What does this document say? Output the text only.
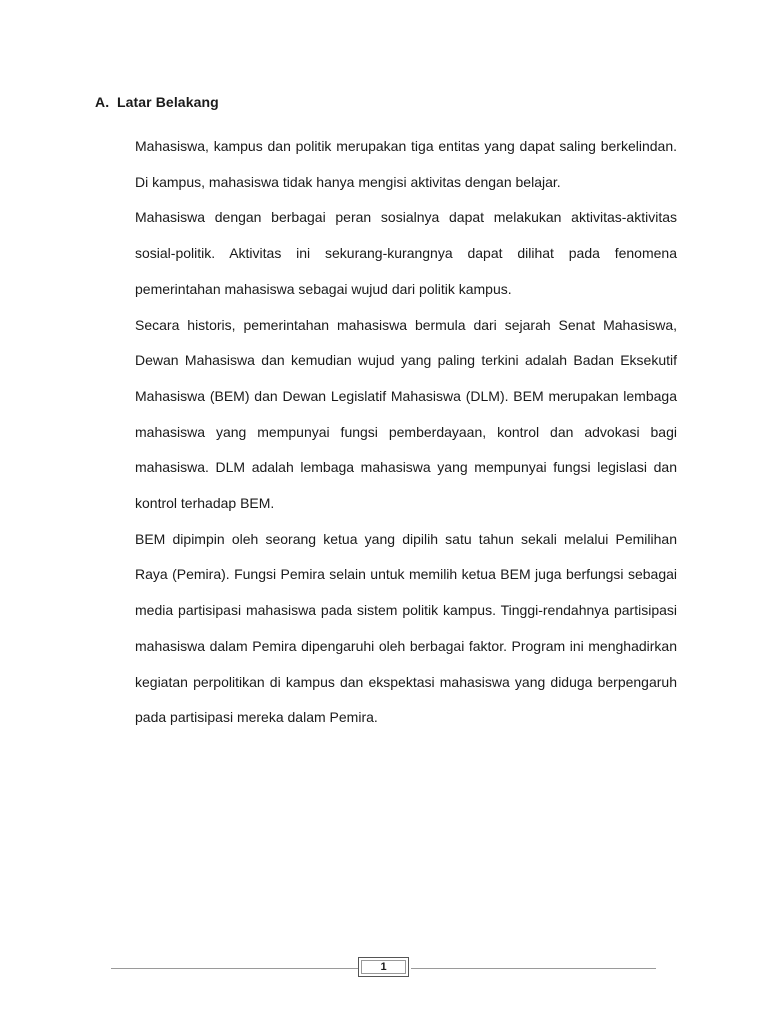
A. Latar Belakang

Mahasiswa, kampus dan politik merupakan tiga entitas yang dapat saling berkelindan. Di kampus, mahasiswa tidak hanya mengisi aktivitas dengan belajar.

Mahasiswa dengan berbagai peran sosialnya dapat melakukan aktivitas-aktivitas sosial-politik. Aktivitas ini sekurang-kurangnya dapat dilihat pada fenomena pemerintahan mahasiswa sebagai wujud dari politik kampus.

Secara historis, pemerintahan mahasiswa bermula dari sejarah Senat Mahasiswa, Dewan Mahasiswa dan kemudian wujud yang paling terkini adalah Badan Eksekutif Mahasiswa (BEM) dan Dewan Legislatif Mahasiswa (DLM). BEM merupakan lembaga mahasiswa yang mempunyai fungsi pemberdayaan, kontrol dan advokasi bagi mahasiswa. DLM adalah lembaga mahasiswa yang mempunyai fungsi legislasi dan kontrol terhadap BEM.

BEM dipimpin oleh seorang ketua yang dipilih satu tahun sekali melalui Pemilihan Raya (Pemira). Fungsi Pemira selain untuk memilih ketua BEM juga berfungsi sebagai media partisipasi mahasiswa pada sistem politik kampus. Tinggi-rendahnya partisipasi mahasiswa dalam Pemira dipengaruhi oleh berbagai faktor. Program ini menghadirkan kegiatan perpolitikan di kampus dan ekspektasi mahasiswa yang diduga berpengaruh pada partisipasi mereka dalam Pemira.

1
